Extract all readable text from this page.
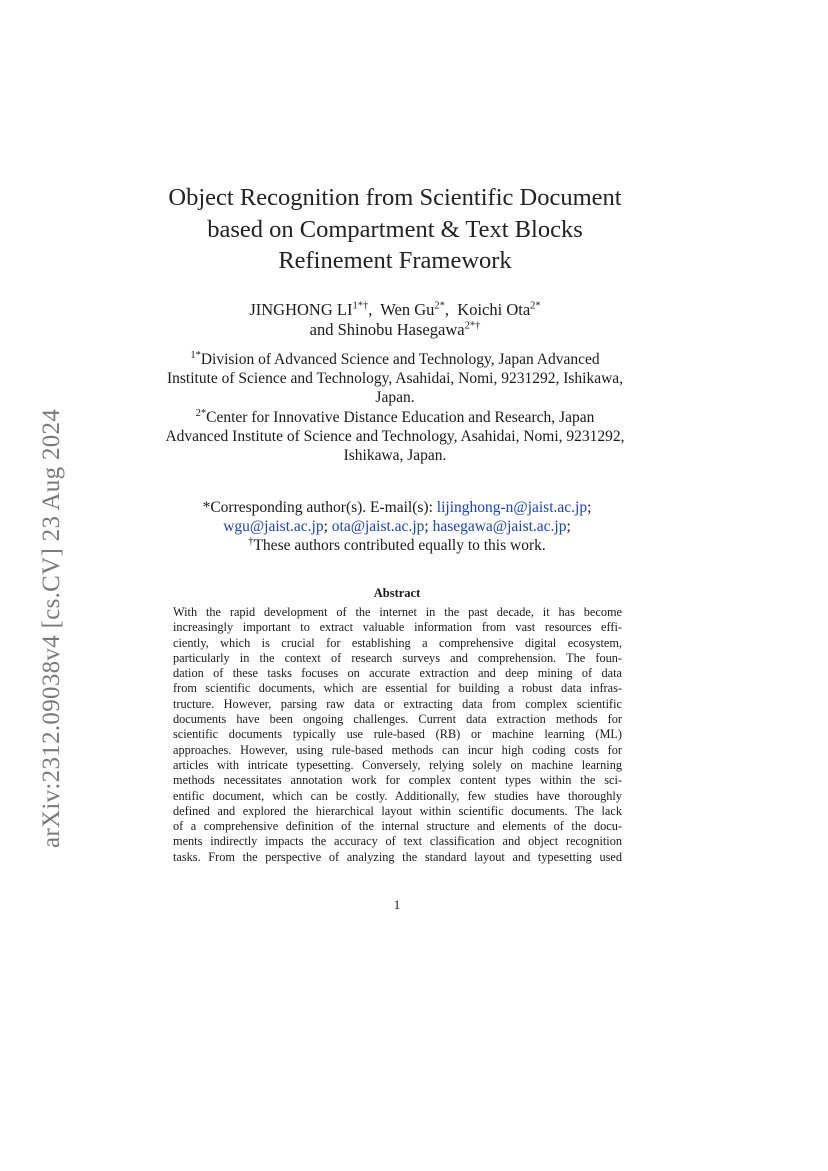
arXiv:2312.09038v4 [cs.CV] 23 Aug 2024
Object Recognition from Scientific Document
based on Compartment & Text Blocks
Refinement Framework
JINGHONG $LI^{1*\dagger}$,  Wen $Gu^{2*}$,  Koichi Ota$^{2*}$
and Shinobu Hasegawa$^{2*\dagger}$
$^{1*}$Division of Advanced Science and Technology, Japan Advanced
Institute of Science and Technology, Asahidai, Nomi, 9231292, Ishikawa,
Japan.
$^{2*}$Center for Innovative Distance Education and Research, Japan
Advanced Institute of Science and Technology, Asahidai, Nomi, 9231292,
Ishikawa, Japan.
*Corresponding author(s). E-mail(s): lijinghong-n@jaist.ac.jp;
wgu@jaist.ac.jp; ota@jaist.ac.jp; hasegawa@jaist.ac.jp;
†These authors contributed equally to this work.
Abstract
With the rapid development of the internet in the past decade, it has become
increasingly important to extract valuable information from vast resources effi-
ciently, which is crucial for establishing a comprehensive digital ecosystem,
particularly in the context of research surveys and comprehension. The foun-
dation of these tasks focuses on accurate extraction and deep mining of data
from scientific documents, which are essential for building a robust data infras-
tructure. However, parsing raw data or extracting data from complex scientific
documents have been ongoing challenges. Current data extraction methods for
scientific documents typically use rule-based (RB) or machine learning (ML)
approaches. However, using rule-based methods can incur high coding costs for
articles with intricate typesetting. Conversely, relying solely on machine learning
methods necessitates annotation work for complex content types within the sci-
entific document, which can be costly. Additionally, few studies have thoroughly
defined and explored the hierarchical layout within scientific documents. The lack
of a comprehensive definition of the internal structure and elements of the docu-
ments indirectly impacts the accuracy of text classification and object recognition
tasks. From the perspective of analyzing the standard layout and typesetting used
1
